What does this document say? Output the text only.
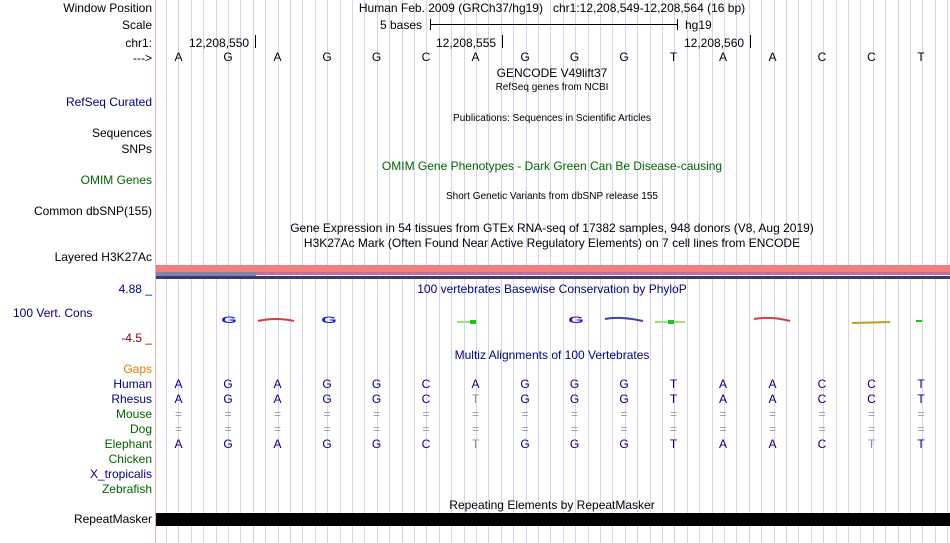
Window Position	Human Feb. 2009 (GRCh37/hg19) chr1:12,208,549-12,208,564 (16 bp)
Scale	5 bases	hg19
chr1:	12,208,550	12,208,555	12,208,560
--->	A	G	A	G	G	C	A	G	G	G	T	A	A	C	C	T
GENCODE V49lift37
RefSeq genes from NCBI
RefSeq Curated
Publications: Sequences in Scientific Articles
Sequences
SNPs
OMIM Gene Phenotypes - Dark Green Can Be Disease-causing
OMIM Genes
Short Genetic Variants from dbSNP release 155
Common dbSNP(155)
Gene Expression in 54 tissues from GTEx RNA-seq of 17382 samples, 948 donors (V8, Aug 2019)
H3K27Ac Mark (Often Found Near Active Regulatory Elements) on 7 cell lines from ENCODE
Layered H3K27Ac
4.88 _	100 vertebrates Basewise Conservation by PhyloP
100 Vert. Cons
-4.5 _
G	G	G
Multiz Alignments of 100 Vertebrates
Gaps
Human	A	G	A	G	G	C	A	G	G	G	T	A	A	C	C	T
Rhesus	A	G	A	G	G	C	T	G	G	G	T	A	A	C	C	T
Mouse	=	=	=	=	=	=	=	=	=	=	=	=	=	=	=	=
Dog	=	=	=	=	=	=	=	=	=	=	=	=	=	=	=	=
Elephant	A	G	A	G	G	C	T	G	G	G	T	A	A	C	T	T
Chicken
X_tropicalis
Zebrafish
Repeating Elements by RepeatMasker
RepeatMasker
